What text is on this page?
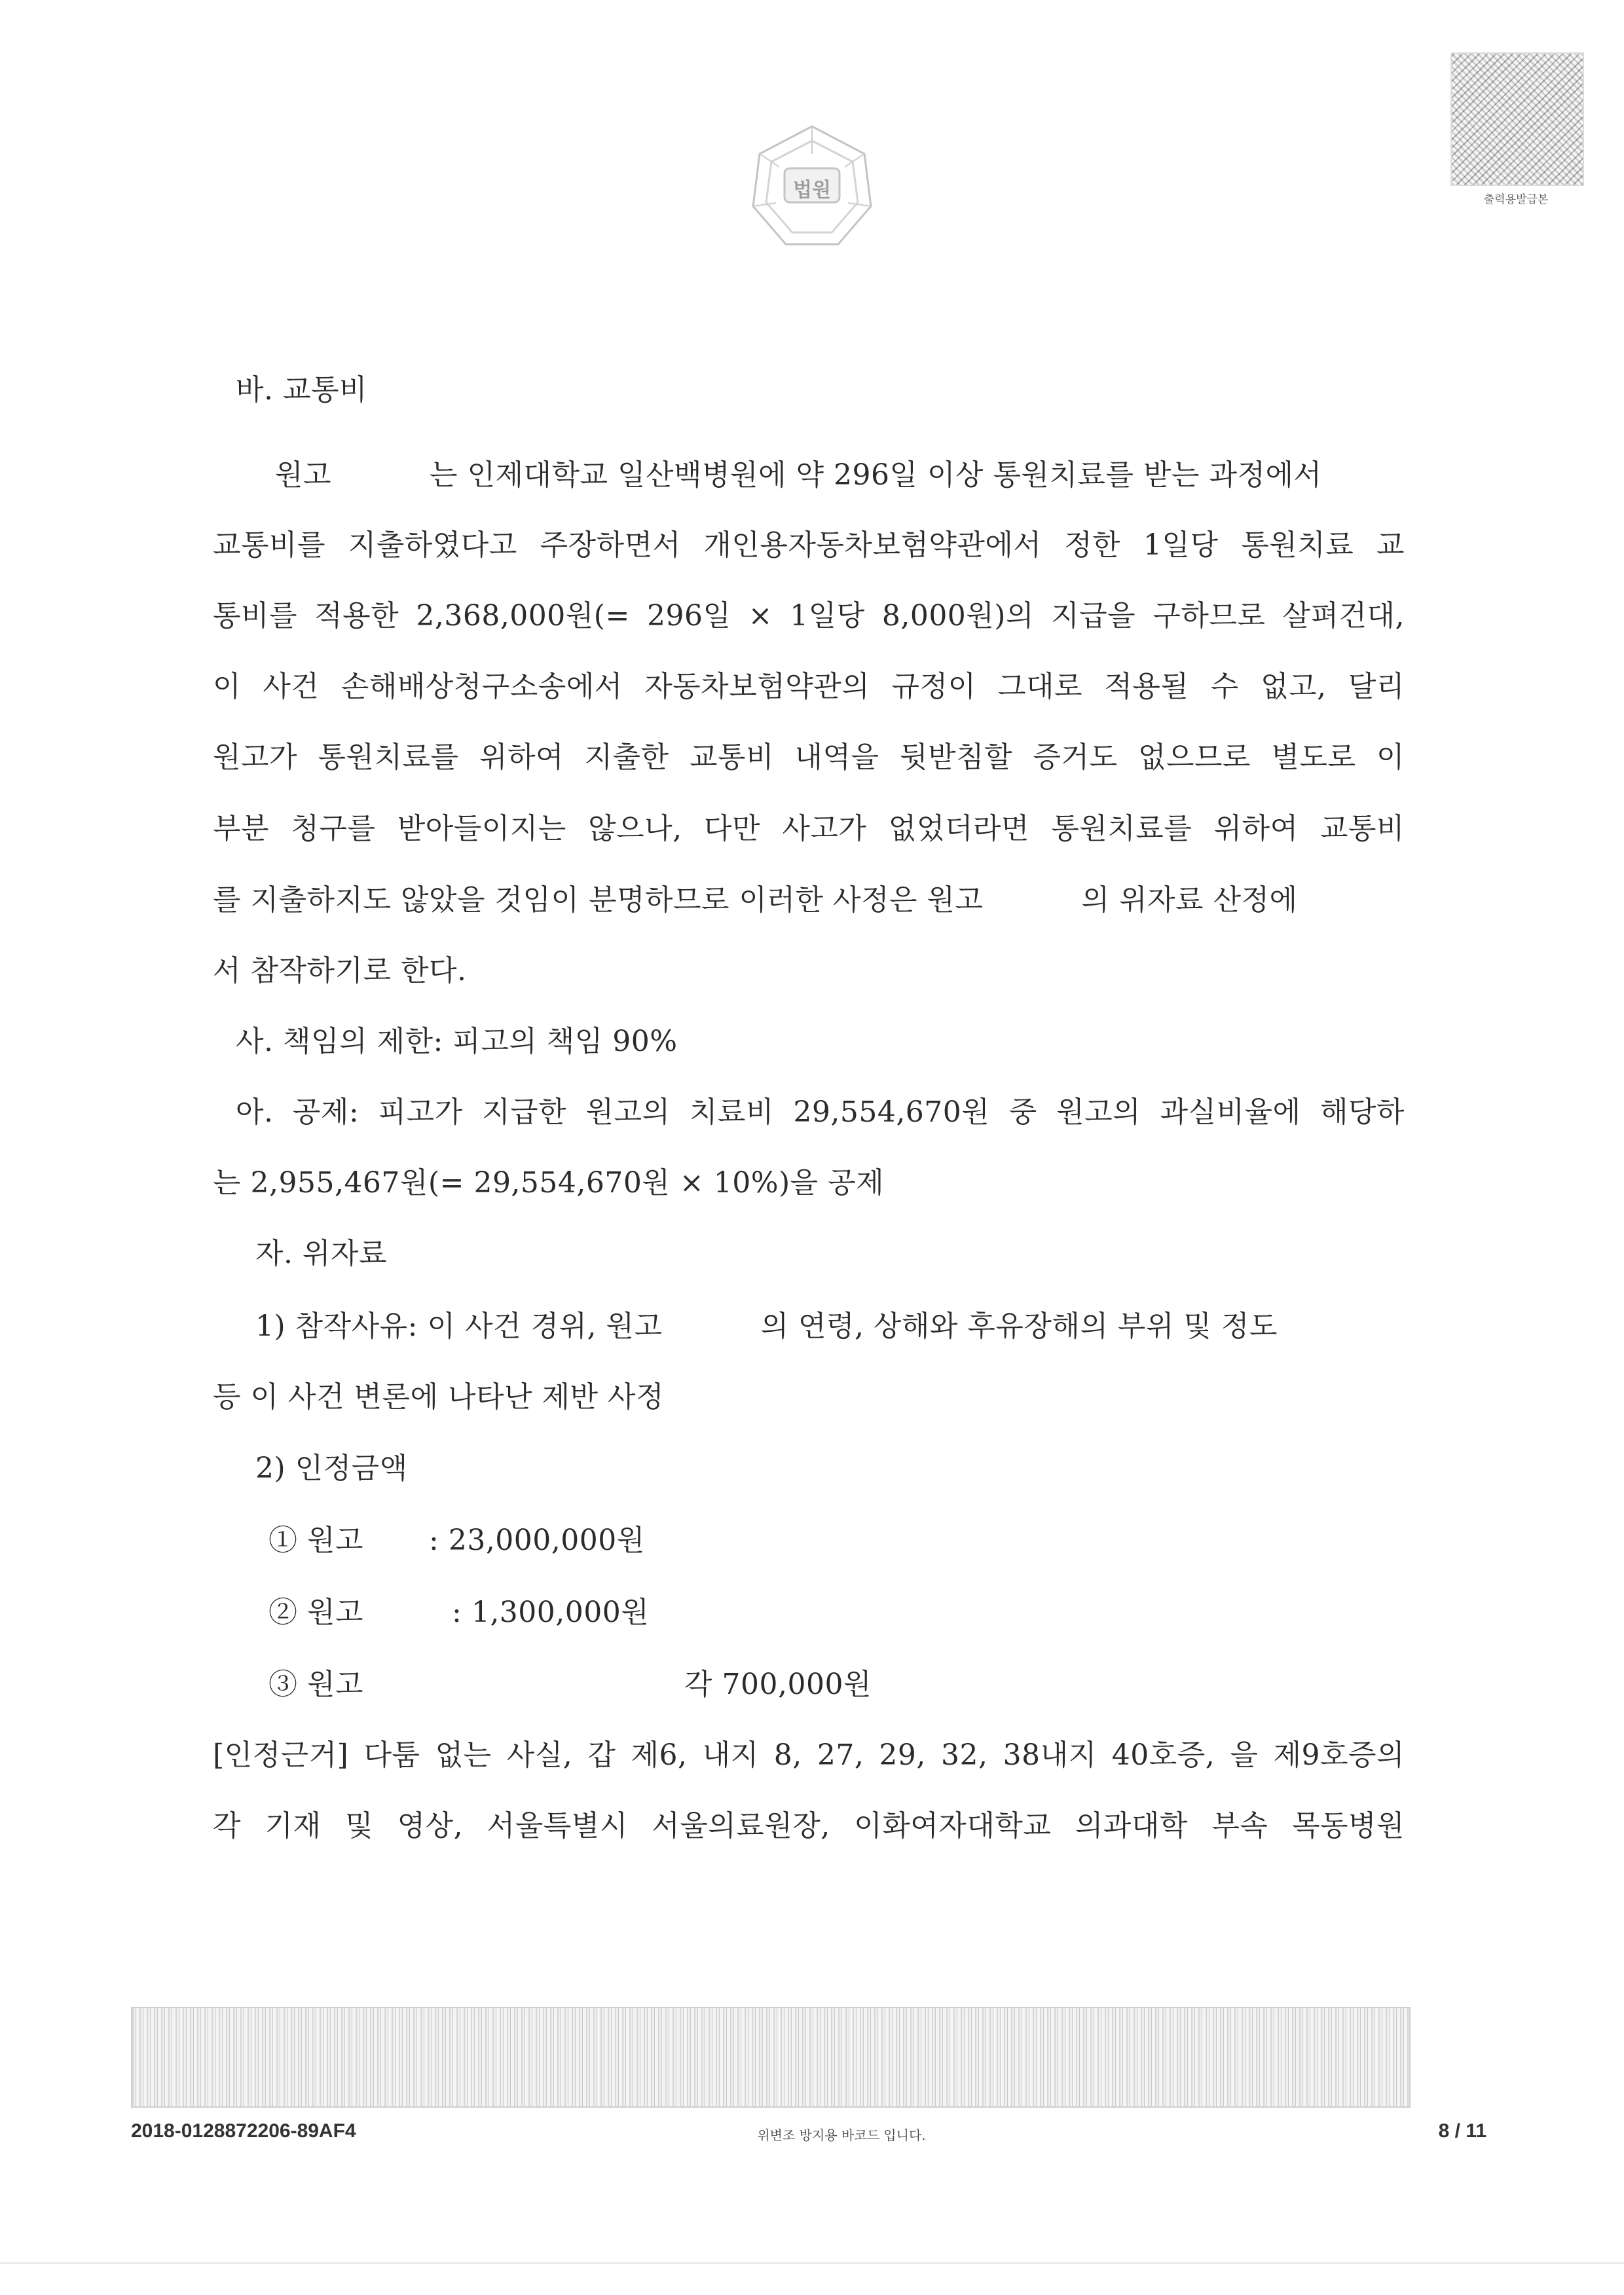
법원	출력용발급본
바. 교통비
원고	는 인제대학교 일산백병원에 약 296일 이상 통원치료를 받는 과정에서
교통비를 지출하였다고 주장하면서 개인용자동차보험약관에서 정한 1일당 통원치료 교
통비를 적용한 2,368,000원(= 296일 × 1일당 8,000원)의 지급을 구하므로 살펴건대,
이 사건 손해배상청구소송에서 자동차보험약관의 규정이 그대로 적용될 수 없고, 달리
원고가 통원치료를 위하여 지출한 교통비 내역을 뒷받침할 증거도 없으므로 별도로 이
부분 청구를 받아들이지는 않으나, 다만 사고가 없었더라면 통원치료를 위하여 교통비
를 지출하지도 않았을 것임이 분명하므로 이러한 사정은 원고	의 위자료 산정에
서 참작하기로 한다.
사. 책임의 제한: 피고의 책임 90%
아. 공제: 피고가 지급한 원고의 치료비 29,554,670원 중 원고의 과실비율에 해당하
는 2,955,467원(= 29,554,670원 × 10%)을 공제
자. 위자료
1) 참작사유: 이 사건 경위, 원고	의 연령, 상해와 후유장해의 부위 및 정도
등 이 사건 변론에 나타난 제반 사정
2) 인정금액
① 원고 : 23,000,000원
② 원고	: 1,300,000원
③ 원고	각 700,000원
[인정근거] 다툼 없는 사실, 갑 제6, 내지 8, 27, 29, 32, 38내지 40호증, 을 제9호증의
각 기재 및 영상, 서울특별시 서울의료원장, 이화여자대학교 의과대학 부속 목동병원
2018-0128872206-89AF4	위변조 방지용 바코드 입니다.	8 / 11
